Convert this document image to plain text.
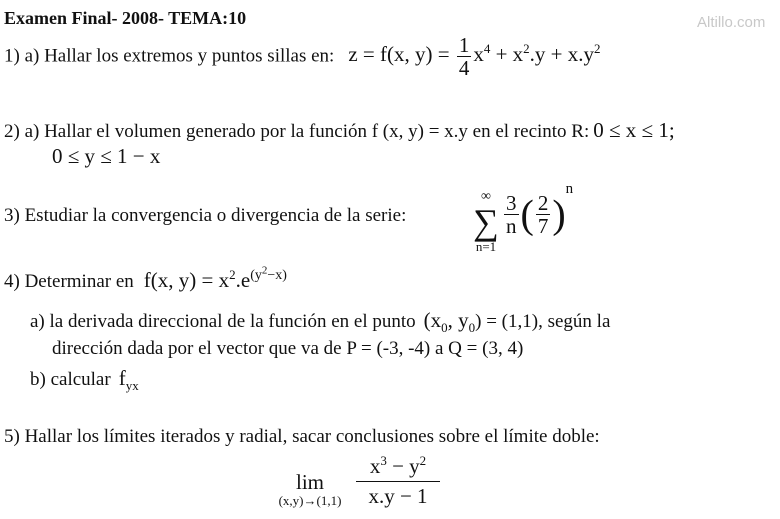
Examen Final- 2008- TEMA:10	Altillo.com
1) a) Hallar los extremos y puntos sillas en: z = f(x, $y) = \frac{1}{4} x^4 + x^2.y + x.y^2$
2) a) Hallar el volumen generado por la función f (x, y) = x.y en el recinto R: 0 ≤ x ≤ 1;
0 ≤ y ≤ 1 − x
3) Estudiar la convergencia o divergencia de la serie:
∞
∑
n=1
$\frac{3}{n}$ ( $\frac{2}{7} )^n$
4) Determinar en f(x, $y) = x^2.e^{(y^2-x)}$
a) la derivada direccional de la función en el punto ($x_0$, $y_0) = (1,1)$, según la
dirección dada por el vector que va de P = (-3, -4) a Q = (3, 4)
b) calcular $f_{yx}$
5) Hallar los límites iterados y radial, sacar conclusiones sobre el límite doble:
lim
$(x,y)\to(1,1) \frac{x^3 - y^2}{x.y - 1}$
